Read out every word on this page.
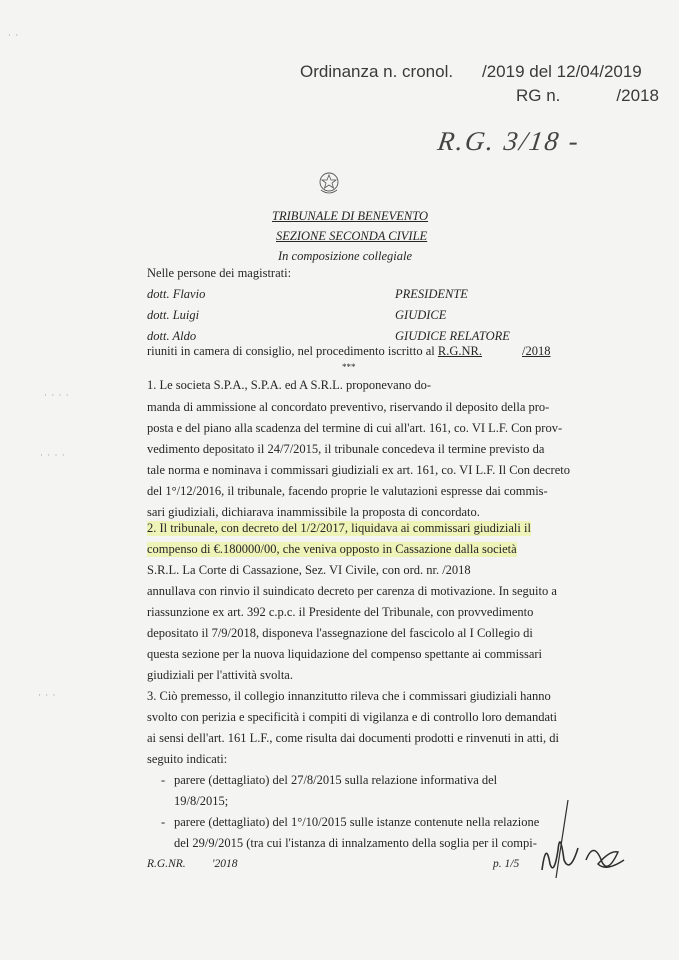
Ordinanza n. cronol. /2019 del 12/04/2019
RG n.	/2018
R.G. 3/18 -
TRIBUNALE DI BENEVENTO
SEZIONE SECONDA CIVILE
In composizione collegiale
Nelle persone dei magistrati:
dott. Flavio	PRESIDENTE
dott. Luigi	GIUDICE
dott. Aldo	GIUDICE RELATORE
riuniti in camera di consiglio, nel procedimento iscritto al R.G.NR.	/2018
***
1. Le societa S.P.A., S.P.A. ed A S.R.L. proponevano do-
manda di ammissione al concordato preventivo, riservando il deposito della pro-
posta e del piano alla scadenza del termine di cui all'art. 161, co. VI L.F. Con prov-
vedimento depositato il 24/7/2015, il tribunale concedeva il termine previsto da
tale norma e nominava i commissari giudiziali ex art. 161, co. VI L.F. Il Con decreto
del 1°/12/2016, il tribunale, facendo proprie le valutazioni espresse dai commis-
sari giudiziali, dichiarava inammissibile la proposta di concordato.
2. Il tribunale, con decreto del 1/2/2017, liquidava ai commissari giudiziali il
compenso di €.180000/00, che veniva opposto in Cassazione dalla società
S.R.L. La Corte di Cassazione, Sez. VI Civile, con ord. nr. /2018
annullava con rinvio il suindicato decreto per carenza di motivazione. In seguito a
riassunzione ex art. 392 c.p.c. il Presidente del Tribunale, con provvedimento
depositato il 7/9/2018, disponeva l'assegnazione del fascicolo al I Collegio di
questa sezione per la nuova liquidazione del compenso spettante ai commissari
giudiziali per l'attività svolta.
3. Ciò premesso, il collegio innanzitutto rileva che i commissari giudiziali hanno
svolto con perizia e specificità i compiti di vigilanza e di controllo loro demandati
ai sensi dell'art. 161 L.F., come risulta dai documenti prodotti e rinvenuti in atti, di
seguito indicati:
- parere (dettagliato) del 27/8/2015 sulla relazione informativa del
19/8/2015;
- parere (dettagliato) del 1°/10/2015 sulle istanze contenute nella relazione
del 29/9/2015 (tra cui l'istanza di innalzamento della soglia per il compi-
R.G.NR. '2018	p. 1/5
· ·
· · · ·
· · · ·
· · ·
